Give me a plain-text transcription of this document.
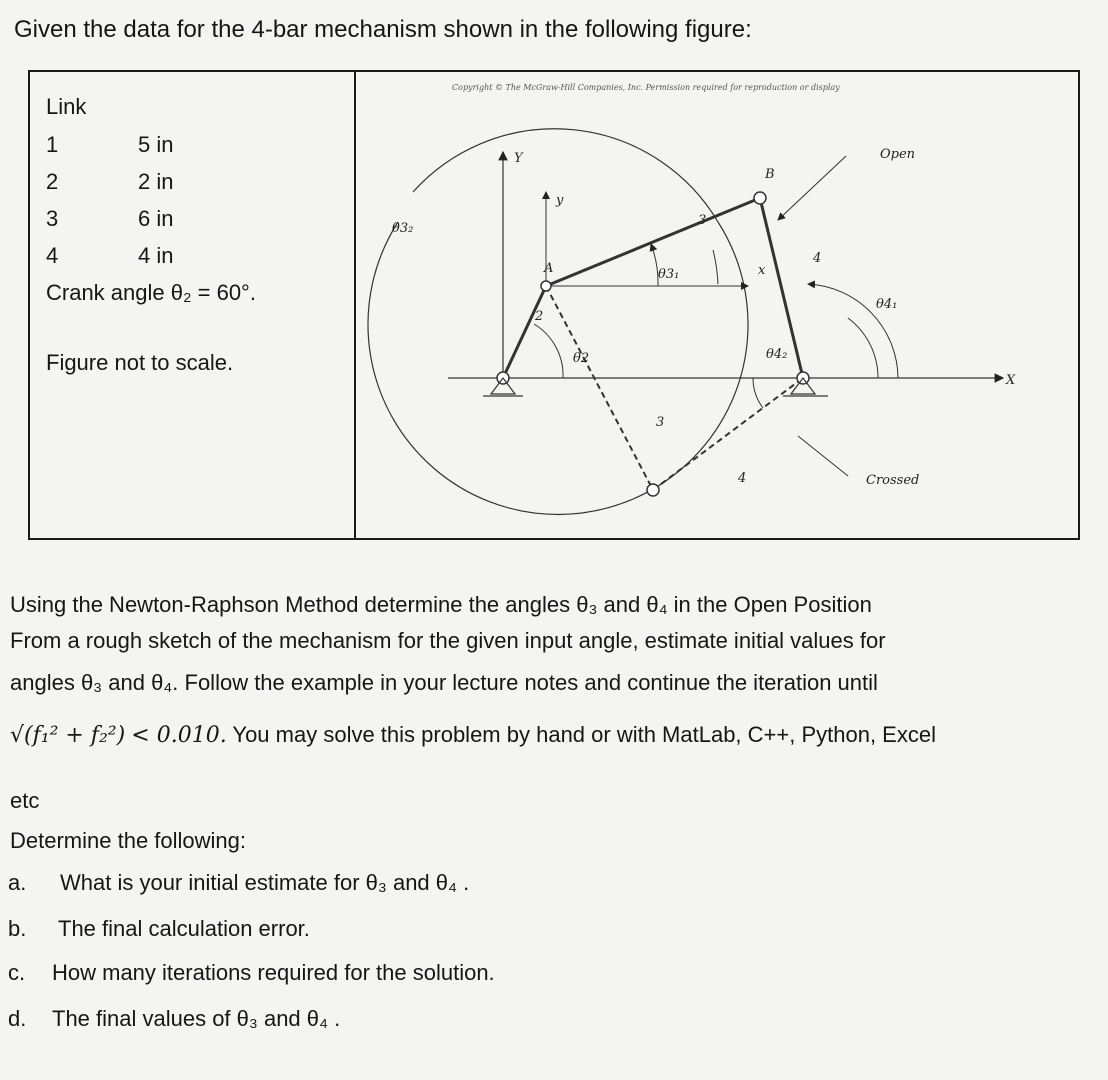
Given the data for the 4-bar mechanism shown in the following figure:
Link
1	5 in
2	2 in
3	6 in
4	4 in
Crank angle θ₂ = 60°.
Figure not to scale.
Copyright © The McGraw-Hill Companies, Inc. Permission required for reproduction or display
Y
y
x
X
A
B
2
3
3
4
4
θ3₂
θ3₁
θ2	θ4₂
θ4₁
Open
Crossed
Using the Newton-Raphson Method determine the angles θ₃ and θ₄ in the Open Position
From a rough sketch of the mechanism for the given input angle, estimate initial values for
angles θ₃ and θ₄. Follow the example in your lecture notes and continue the iteration until
√(f₁² + f₂²) < 0.010. You may solve this problem by hand or with MatLab, C++, Python, Excel
etc
Determine the following:
a. What is your initial estimate for θ₃ and θ₄ .
b. The final calculation error.
c. How many iterations required for the solution.
d. The final values of θ₃ and θ₄ .
